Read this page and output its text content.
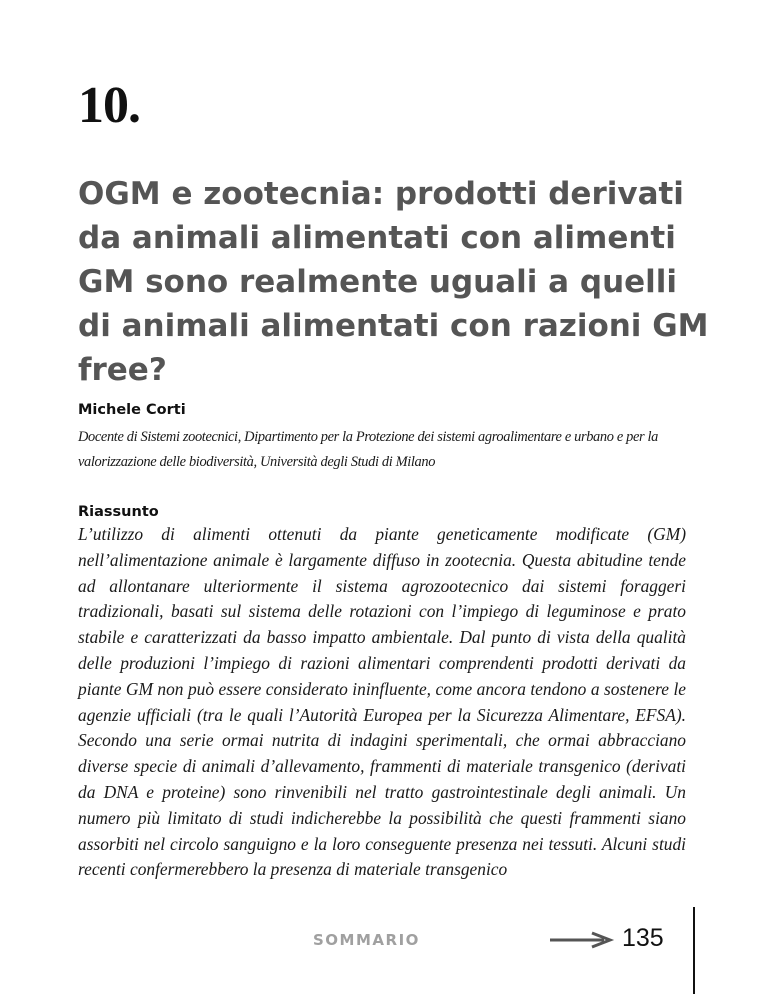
10.
OGM e zootecnia: prodotti derivati da animali alimentati con alimenti GM sono realmente uguali a quelli di animali alimentati con razioni GM free?
Michele Corti
Docente di Sistemi zootecnici, Dipartimento per la Protezione dei sistemi agroalimentare e urbano e per la valorizzazione delle biodiversità, Università degli Studi di Milano
Riassunto

L’utilizzo di alimenti ottenuti da piante geneticamente modificate (GM) nell’alimentazione animale è largamente diffuso in zootecnia. Questa abitudine tende ad allontanare ulteriormente il sistema agrozootecnico dai sistemi foraggeri tradizionali, basati sul sistema delle rotazioni con l’impiego di leguminose e prato stabile e caratterizzati da basso impatto ambientale. Dal punto di vista della qualità delle produzioni l’impiego di razioni alimentari comprendenti prodotti derivati da piante GM non può essere considerato ininfluente, come ancora tendono a sostenere le agenzie ufficiali (tra le quali l’Autorità Europea per la Sicurezza Alimentare, EFSA). Secondo una serie ormai nutrita di indagini sperimentali, che ormai abbracciano diverse specie di animali d’allevamento, frammenti di materiale transgenico (derivati da DNA e proteine) sono rinvenibili nel tratto gastrointestinale degli animali. Un numero più limitato di studi indicherebbe la possibilità che questi frammenti siano assorbiti nel circolo sanguigno e la loro conseguente presenza nei tessuti. Alcuni studi recenti confermerebbero la presenza di materiale transgenico

SOMMARIO	135
